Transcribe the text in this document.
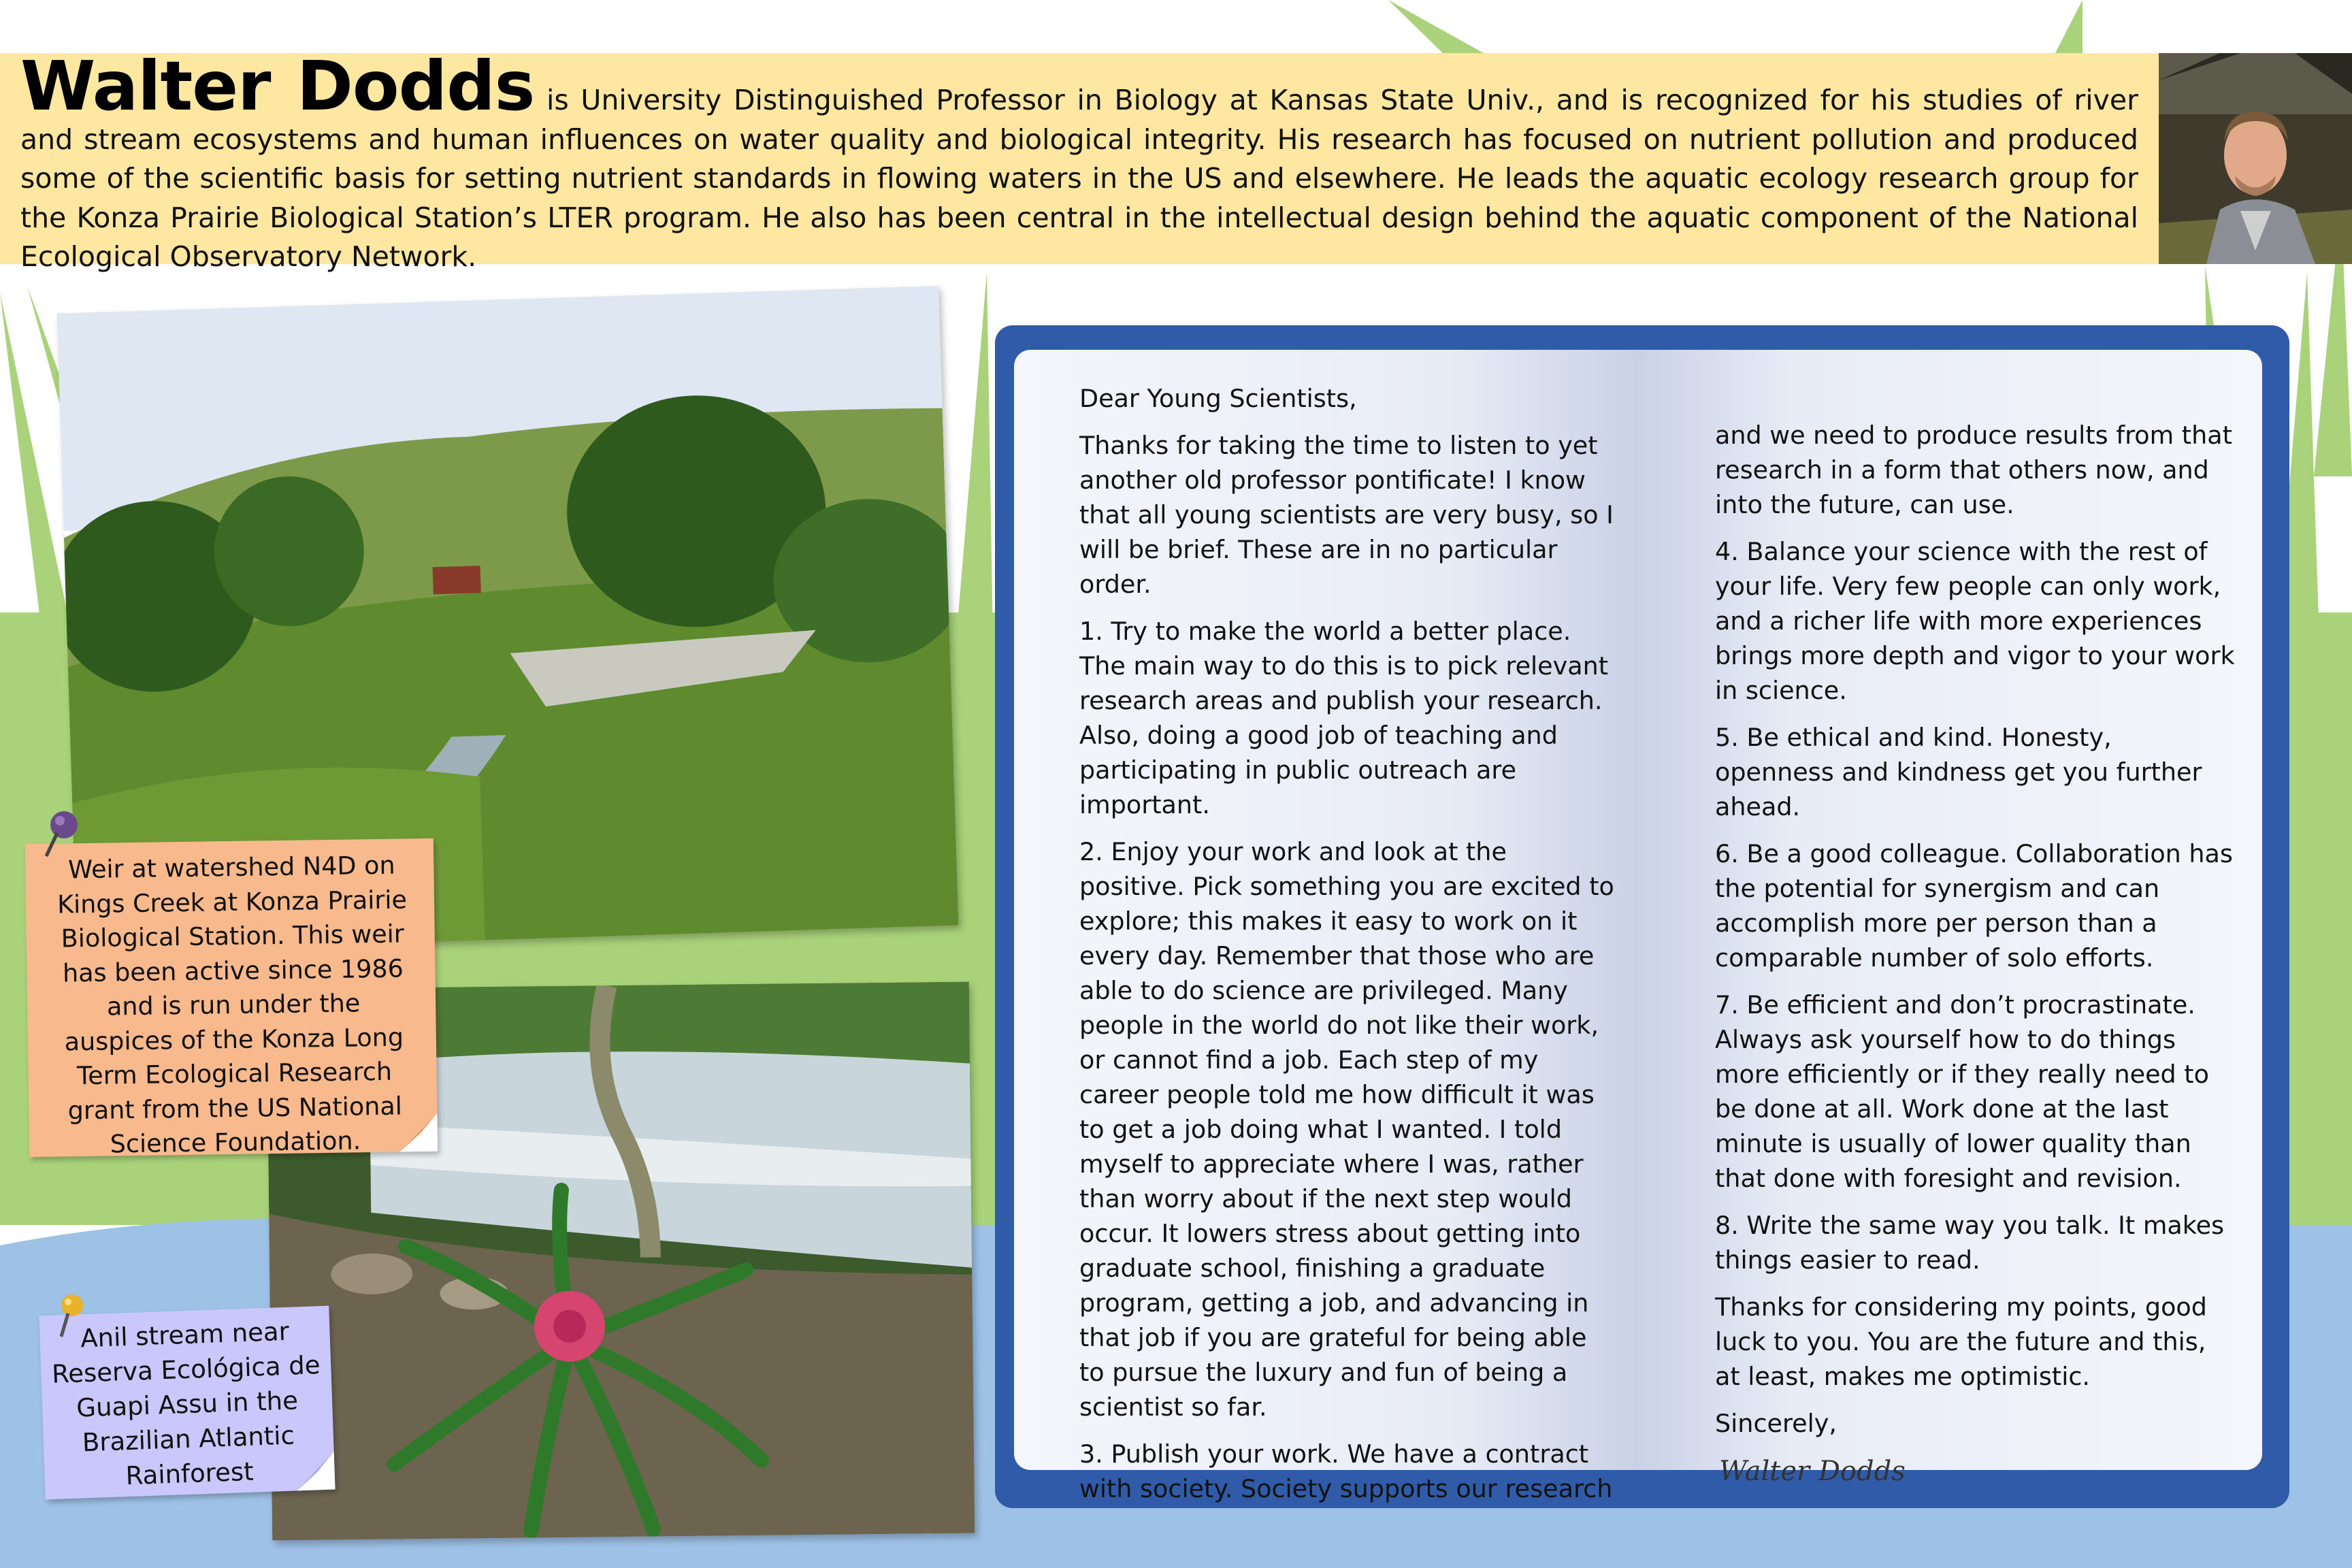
Walter Dodds is University Distinguished Professor in Biology at Kansas State Univ., and is recognized for his studies of river and stream ecosystems and human influences on water quality and biological integrity. His research has focused on nutrient pollution and produced some of the scientific basis for setting nutrient standards in flowing waters in the US and elsewhere. He leads the aquatic ecology research group for the Konza Prairie Biological Station’s LTER program. He also has been central in the intellectual design behind the aquatic component of the National Ecological Observatory Network.

Weir at watershed N4D on Kings Creek at Konza Prairie Biological Station. This weir has been active since 1986 and is run under the auspices of the Konza Long Term Ecological Research grant from the US National Science Foundation.
Anil stream near Reserva Ecológica de Guapi Assu in the Brazilian Atlantic Rainforest

Dear Young Scientists,

Thanks for taking the time to listen to yet another old professor pontificate! I know that all young scientists are very busy, so I will be brief. These are in no particular order.

1. Try to make the world a better place. The main way to do this is to pick relevant research areas and publish your research. Also, doing a good job of teaching and participating in public outreach are important.

2. Enjoy your work and look at the positive. Pick something you are excited to explore; this makes it easy to work on it every day. Remember that those who are able to do science are privileged. Many people in the world do not like their work, or cannot find a job. Each step of my career people told me how difficult it was to get a job doing what I wanted. I told myself to appreciate where I was, rather than worry about if the next step would occur. It lowers stress about getting into graduate school, finishing a graduate program, getting a job, and advancing in that job if you are grateful for being able to pursue the luxury and fun of being a scientist so far.

3. Publish your work. We have a contract with society. Society supports our research

and we need to produce results from that research in a form that others now, and into the future, can use.

4. Balance your science with the rest of your life. Very few people can only work, and a richer life with more experiences brings more depth and vigor to your work in science.

5. Be ethical and kind. Honesty, openness and kindness get you further ahead.

6. Be a good colleague. Collaboration has the potential for synergism and can accomplish more per person than a comparable number of solo efforts.

7. Be efficient and don’t procrastinate. Always ask yourself how to do things more efficiently or if they really need to be done at all. Work done at the last minute is usually of lower quality than that done with foresight and revision.

8. Write the same way you talk. It makes things easier to read.

Thanks for considering my points, good luck to you. You are the future and this, at least, makes me optimistic.

Sincerely,

Walter Dodds
